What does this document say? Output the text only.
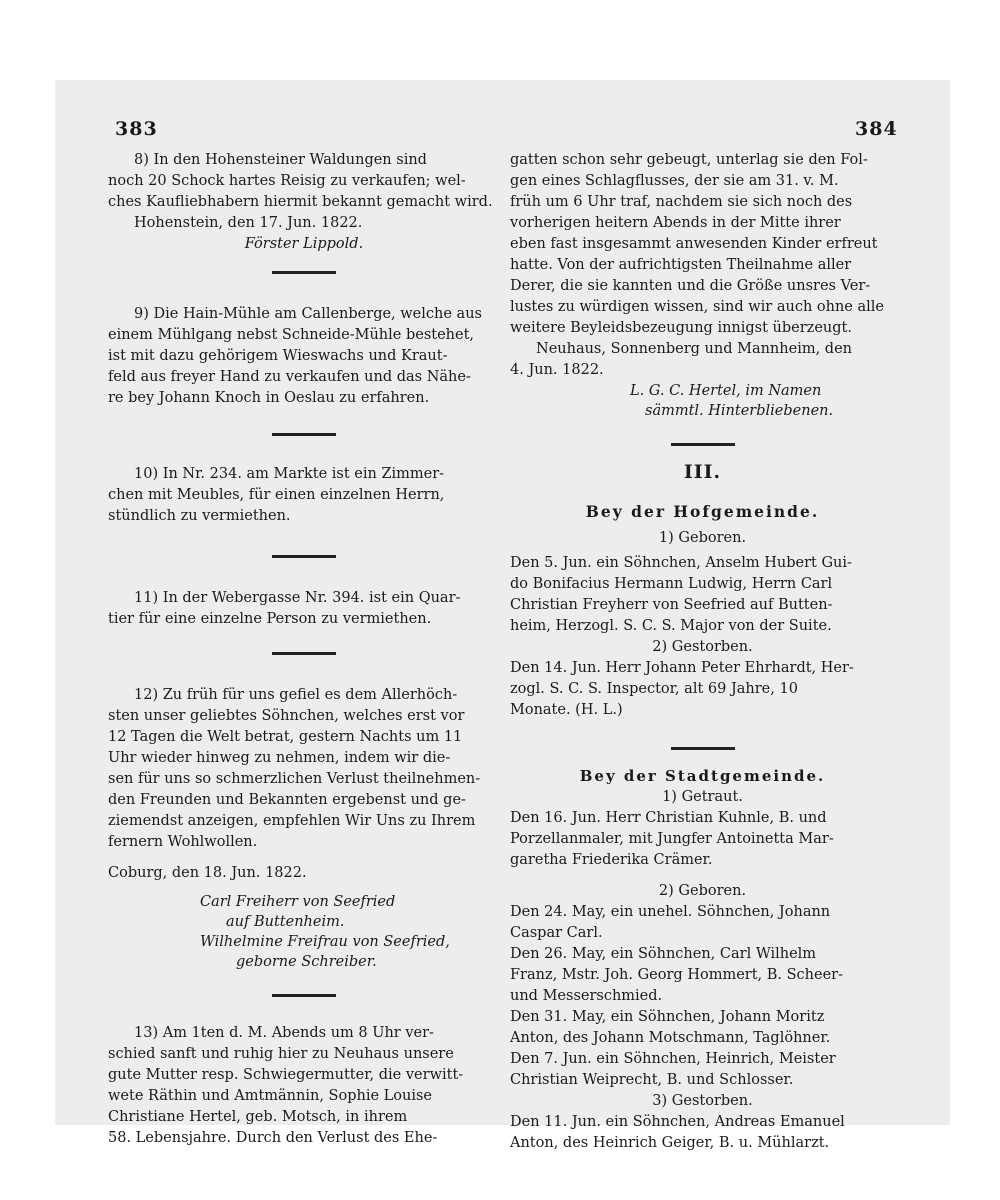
383	384

8) In den Hohensteiner Waldungen sind

noch 20 Schock hartes Reisig zu verkaufen; wel-

ches Kaufliebhabern hiermit bekannt gemacht wird.

Hohenstein, den 17. Jun. 1822.

Förster Lippold.

9) Die Hain-Mühle am Callenberge, welche aus

einem Mühlgang nebst Schneide-Mühle bestehet,

ist mit dazu gehörigem Wieswachs und Kraut-

feld aus freyer Hand zu verkaufen und das Nähe-

re bey Johann Knoch in Oeslau zu erfahren.

10) In Nr. 234. am Markte ist ein Zimmer-

chen mit Meubles, für einen einzelnen Herrn,

stündlich zu vermiethen.

11) In der Webergasse Nr. 394. ist ein Quar-

tier für eine einzelne Person zu vermiethen.

12) Zu früh für uns gefiel es dem Allerhöch-

sten unser geliebtes Söhnchen, welches erst vor

12 Tagen die Welt betrat, gestern Nachts um 11

Uhr wieder hinweg zu nehmen, indem wir die-

sen für uns so schmerzlichen Verlust theilnehmen-

den Freunden und Bekannten ergebenst und ge-

ziemendst anzeigen, empfehlen Wir Uns zu Ihrem

fernern Wohlwollen.

Coburg, den 18. Jun. 1822.

Carl Freiherr von Seefried

auf Buttenheim.

Wilhelmine Freifrau von Seefried,

geborne Schreiber.

13) Am 1ten d. M. Abends um 8 Uhr ver-

schied sanft und ruhig hier zu Neuhaus unsere

gute Mutter resp. Schwiegermutter, die verwitt-

wete Räthin und Amtmännin, Sophie Louise

Christiane Hertel, geb. Motsch, in ihrem

58. Lebensjahre. Durch den Verlust des Ehe-

gatten schon sehr gebeugt, unterlag sie den Fol-

gen eines Schlagflusses, der sie am 31. v. M.

früh um 6 Uhr traf, nachdem sie sich noch des

vorherigen heitern Abends in der Mitte ihrer

eben fast insgesammt anwesenden Kinder erfreut

hatte. Von der aufrichtigsten Theilnahme aller

Derer, die sie kannten und die Größe unsres Ver-

lustes zu würdigen wissen, sind wir auch ohne alle

weitere Beyleidsbezeugung innigst überzeugt.

Neuhaus, Sonnenberg und Mannheim, den

4. Jun. 1822.

L. G. C. Hertel, im Namen

sämmtl. Hinterbliebenen.

III.

Bey der Hofgemeinde.

1) Geboren.

Den 5. Jun. ein Söhnchen, Anselm Hubert Gui-

do Bonifacius Hermann Ludwig, Herrn Carl

Christian Freyherr von Seefried auf Butten-

heim, Herzogl. S. C. S. Major von der Suite.

2) Gestorben.

Den 14. Jun. Herr Johann Peter Ehrhardt, Her-

zogl. S. C. S. Inspector, alt 69 Jahre, 10

Monate. (H. L.)

Bey der Stadtgemeinde.

1) Getraut.

Den 16. Jun. Herr Christian Kuhnle, B. und

Porzellanmaler, mit Jungfer Antoinetta Mar-

garetha Friederika Crämer.

2) Geboren.

Den 24. May, ein unehel. Söhnchen, Johann

Caspar Carl.

Den 26. May, ein Söhnchen, Carl Wilhelm

Franz, Mstr. Joh. Georg Hommert, B. Scheer-

und Messerschmied.

Den 31. May, ein Söhnchen, Johann Moritz

Anton, des Johann Motschmann, Taglöhner.

Den 7. Jun. ein Söhnchen, Heinrich, Meister

Christian Weiprecht, B. und Schlosser.

3) Gestorben.

Den 11. Jun. ein Söhnchen, Andreas Emanuel

Anton, des Heinrich Geiger, B. u. Mühlarzt.
